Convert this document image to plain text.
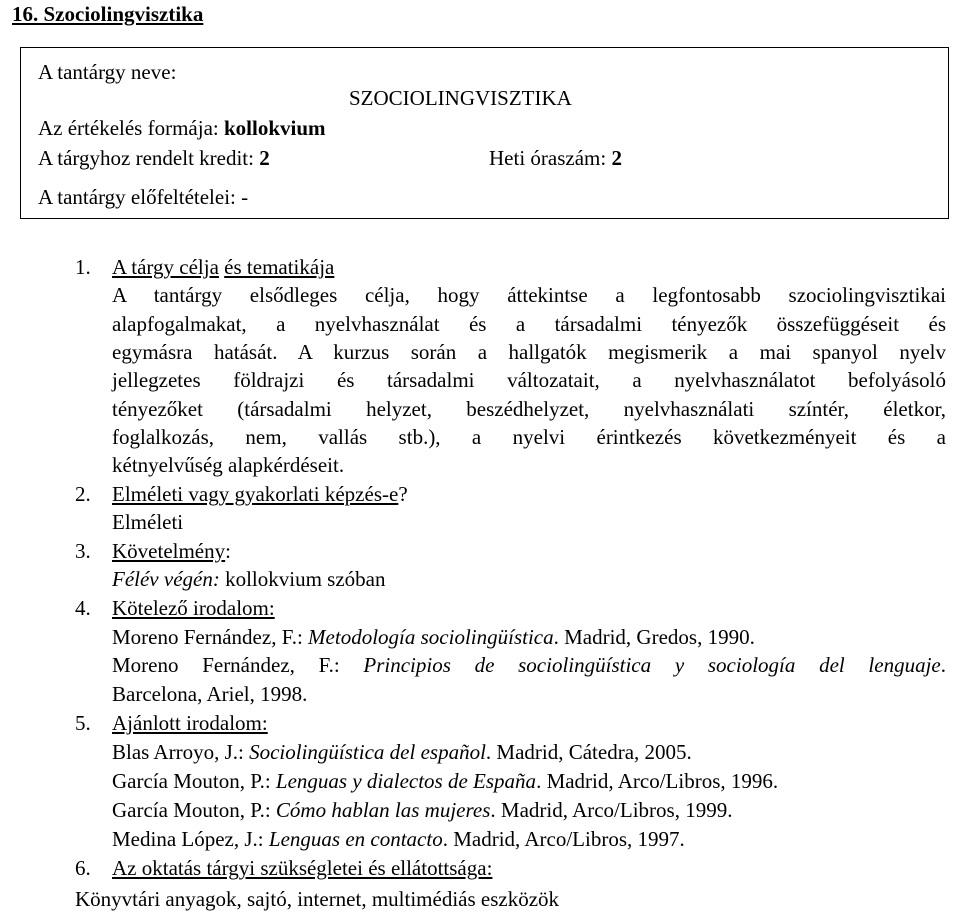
16. Szociolingvisztika
A tantárgy neve:
SZOCIOLINGVISZTIKA
Az értékelés formája: kollokvium
A tárgyhoz rendelt kredit: 2	Heti óraszám: 2
A tantárgy előfeltételei: -
1. A tárgy célja és tematikája
A tantárgy elsődleges célja, hogy áttekintse a legfontosabb szociolingvisztikai
alapfogalmakat, a nyelvhasználat és a társadalmi tényezők összefüggéseit és
egymásra hatását. A kurzus során a hallgatók megismerik a mai spanyol nyelv
jellegzetes földrajzi és társadalmi változatait, a nyelvhasználatot befolyásoló
tényezőket (társadalmi helyzet, beszédhelyzet, nyelvhasználati színtér, életkor,
foglalkozás, nem, vallás stb.), a nyelvi érintkezés következményeit és a
kétnyelvűség alapkérdéseit.
2. Elméleti vagy gyakorlati képzés-e?
Elméleti
3. Követelmény:
Félév végén: kollokvium szóban
4. Kötelező irodalom:
Moreno Fernández, F.: Metodología sociolingüística. Madrid, Gredos, 1990.
Moreno Fernández, F.: Principios de sociolingüística y sociología del lenguaje.
Barcelona, Ariel, 1998.
5. Ajánlott irodalom:
Blas Arroyo, J.: Sociolingüística del español. Madrid, Cátedra, 2005.
García Mouton, P.: Lenguas y dialectos de España. Madrid, Arco/Libros, 1996.
García Mouton, P.: Cómo hablan las mujeres. Madrid, Arco/Libros, 1999.
Medina López, J.: Lenguas en contacto. Madrid, Arco/Libros, 1997.
6. Az oktatás tárgyi szükségletei és ellátottsága:
Könyvtári anyagok, sajtó, internet, multimédiás eszközök
